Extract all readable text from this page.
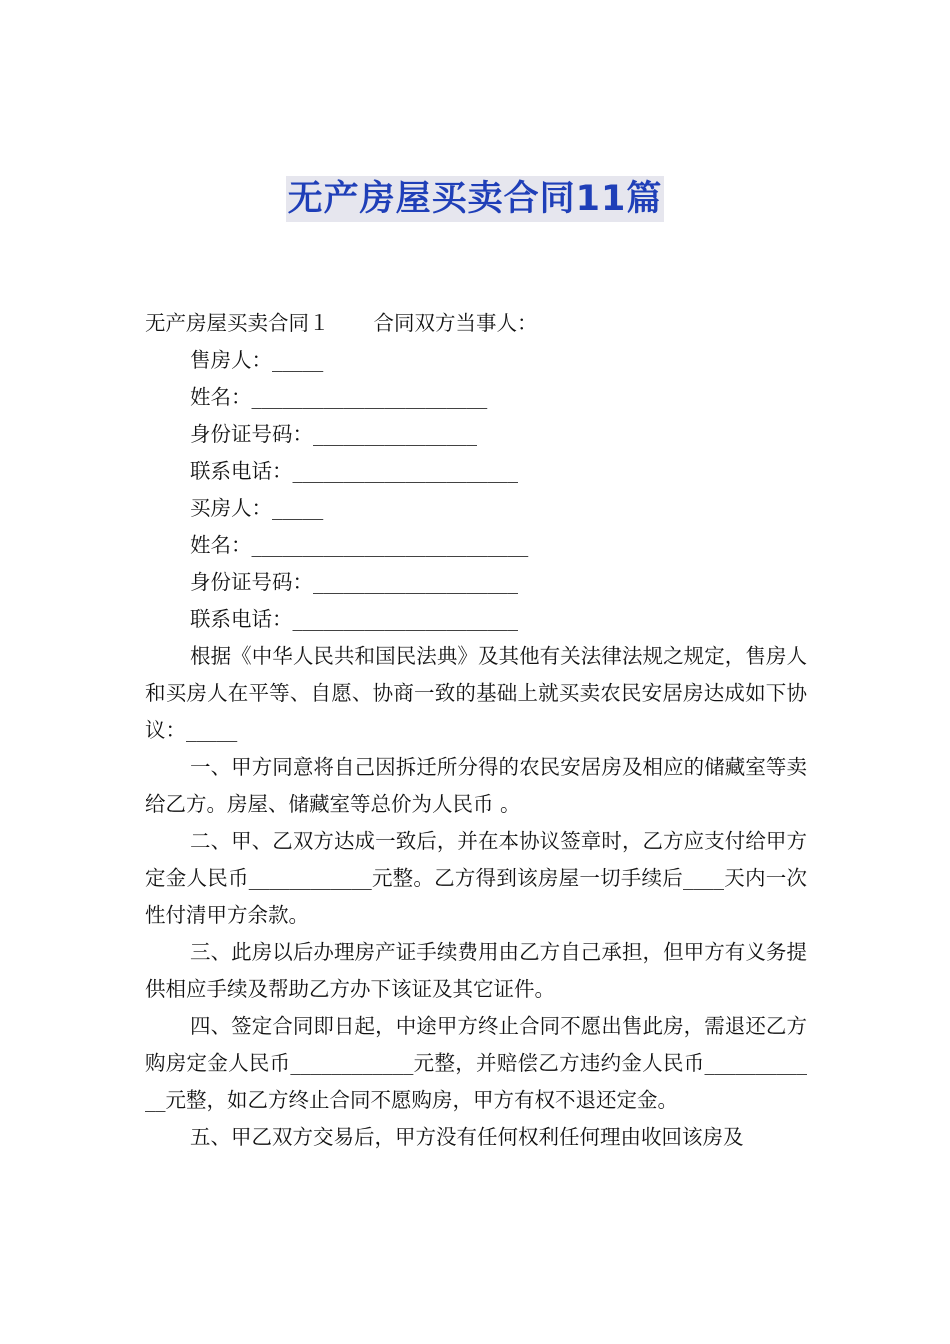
无产房屋买卖合同11篇
无产房屋买卖合同１ 合同双方当事人：
售房人：_____
姓名：_______________________
身份证号码：________________
联系电话：______________________
买房人：_____
姓名：___________________________
身份证号码：____________________
联系电话：______________________
根据《中华人民共和国民法典》及其他有关法律法规之规定，售房人和买房人在平等、自愿、协商一致的基础上就买卖农民安居房达成如下协议：_____
一、甲方同意将自己因拆迁所分得的农民安居房及相应的储藏室等卖给乙方。房屋、储藏室等总价为人民币 。
二、甲、乙双方达成一致后，并在本协议签章时，乙方应支付给甲方定金人民币____________元整。乙方得到该房屋一切手续后____天内一次性付清甲方余款。
三、此房以后办理房产证手续费用由乙方自己承担，但甲方有义务提供相应手续及帮助乙方办下该证及其它证件。
四、签定合同即日起，中途甲方终止合同不愿出售此房，需退还乙方购房定金人民币____________元整，并赔偿乙方违约金人民币____________元整，如乙方终止合同不愿购房，甲方有权不退还定金。
五、甲乙双方交易后，甲方没有任何权利任何理由收回该房及
